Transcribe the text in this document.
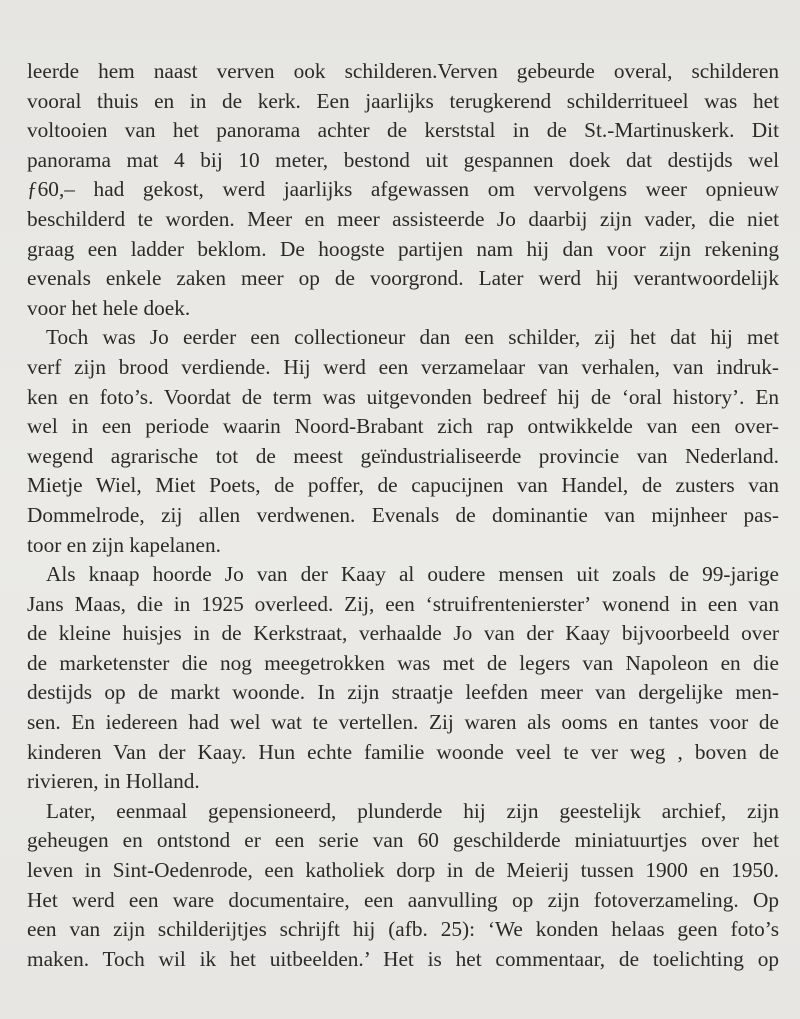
leerde hem naast verven ook schilderen.Verven gebeurde overal, schilderen
vooral thuis en in de kerk. Een jaarlijks terugkerend schilderritueel was het
voltooien van het panorama achter de kerststal in de St.-Martinuskerk. Dit
panorama mat 4 bij 10 meter, bestond uit gespannen doek dat destijds wel
ƒ60,– had gekost, werd jaarlijks afgewassen om vervolgens weer opnieuw
beschilderd te worden. Meer en meer assisteerde Jo daarbij zijn vader, die niet
graag een ladder beklom. De hoogste partijen nam hij dan voor zijn rekening
evenals enkele zaken meer op de voorgrond. Later werd hij verantwoordelijk
voor het hele doek.
Toch was Jo eerder een collectioneur dan een schilder, zij het dat hij met
verf zijn brood verdiende. Hij werd een verzamelaar van verhalen, van indruk-
ken en foto’s. Voordat de term was uitgevonden bedreef hij de ‘oral history’. En
wel in een periode waarin Noord-Brabant zich rap ontwikkelde van een over-
wegend agrarische tot de meest geïndustrialiseerde provincie van Nederland.
Mietje Wiel, Miet Poets, de poffer, de capucijnen van Handel, de zusters van
Dommelrode, zij allen verdwenen. Evenals de dominantie van mijnheer pas-
toor en zijn kapelanen.
Als knaap hoorde Jo van der Kaay al oudere mensen uit zoals de 99-jarige
Jans Maas, die in 1925 overleed. Zij, een ‘struifrenteniersterʼ wonend in een van
de kleine huisjes in de Kerkstraat, verhaalde Jo van der Kaay bijvoorbeeld over
de marketenster die nog meegetrokken was met de legers van Napoleon en die
destijds op de markt woonde. In zijn straatje leefden meer van dergelijke men-
sen. En iedereen had wel wat te vertellen. Zij waren als ooms en tantes voor de
kinderen Van der Kaay. Hun echte familie woonde veel te ver weg , boven de
rivieren, in Holland.
Later, eenmaal gepensioneerd, plunderde hij zijn geestelijk archief, zijn
geheugen en ontstond er een serie van 60 geschilderde miniatuurtjes over het
leven in Sint-Oedenrode, een katholiek dorp in de Meierij tussen 1900 en 1950.
Het werd een ware documentaire, een aanvulling op zijn fotoverzameling. Op
een van zijn schilderijtjes schrijft hij (afb. 25): ‘We konden helaas geen foto’s
maken. Toch wil ik het uitbeelden.’ Het is het commentaar, de toelichting op
